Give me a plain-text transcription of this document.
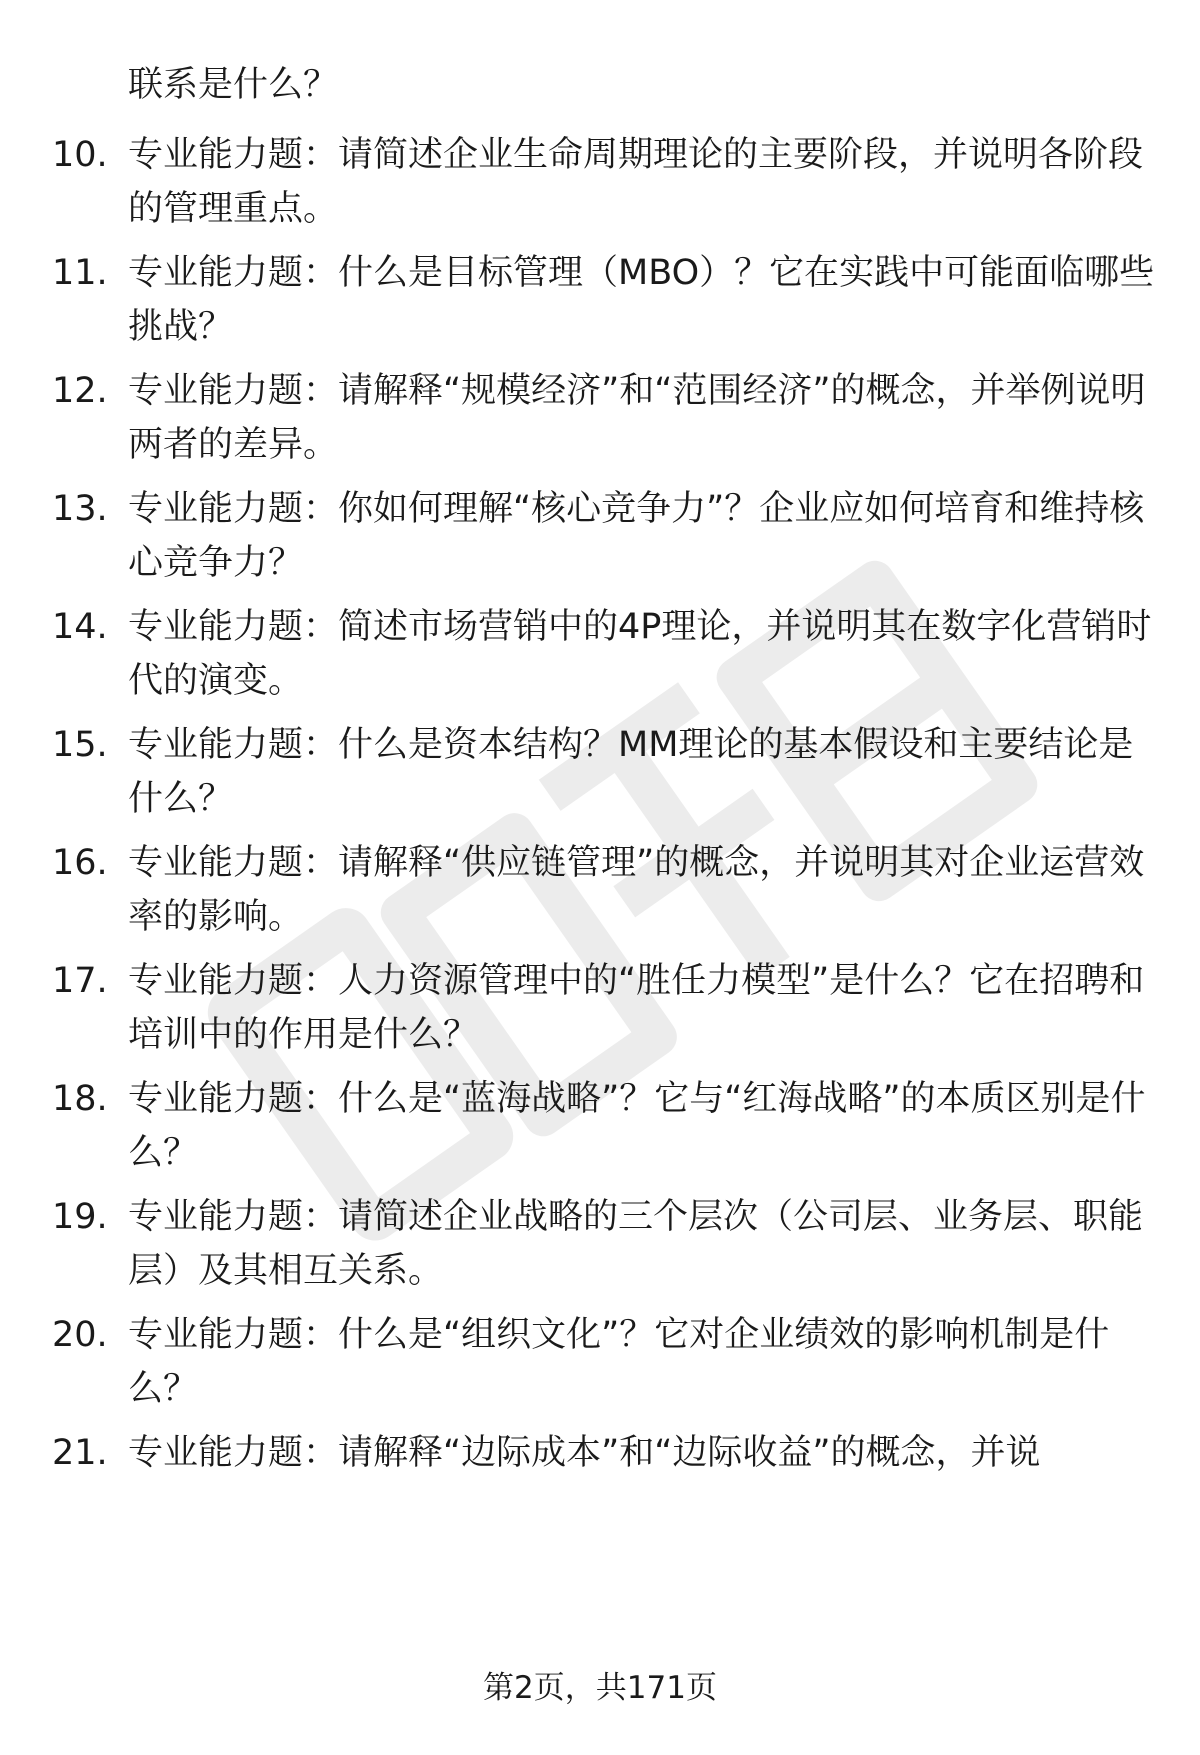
联系是什么？
10. 专业能力题：请简述企业生命周期理论的主要阶段，并说明各阶段的管理重点。
11. 专业能力题：什么是目标管理（MBO）？它在实践中可能面临哪些挑战？
12. 专业能力题：请解释“规模经济”和“范围经济”的概念，并举例说明两者的差异。
13. 专业能力题：你如何理解“核心竞争力”？企业应如何培育和维持核心竞争力？
14. 专业能力题：简述市场营销中的4P理论，并说明其在数字化营销时代的演变。
15. 专业能力题：什么是资本结构？MM理论的基本假设和主要结论是什么？
16. 专业能力题：请解释“供应链管理”的概念，并说明其对企业运营效率的影响。
17. 专业能力题：人力资源管理中的“胜任力模型”是什么？它在招聘和培训中的作用是什么？
18. 专业能力题：什么是“蓝海战略”？它与“红海战略”的本质区别是什么？
19. 专业能力题：请简述企业战略的三个层次（公司层、业务层、职能层）及其相互关系。
20. 专业能力题：什么是“组织文化”？它对企业绩效的影响机制是什么？
21. 专业能力题：请解释“边际成本”和“边际收益”的概念，并说
第2页，共171页
